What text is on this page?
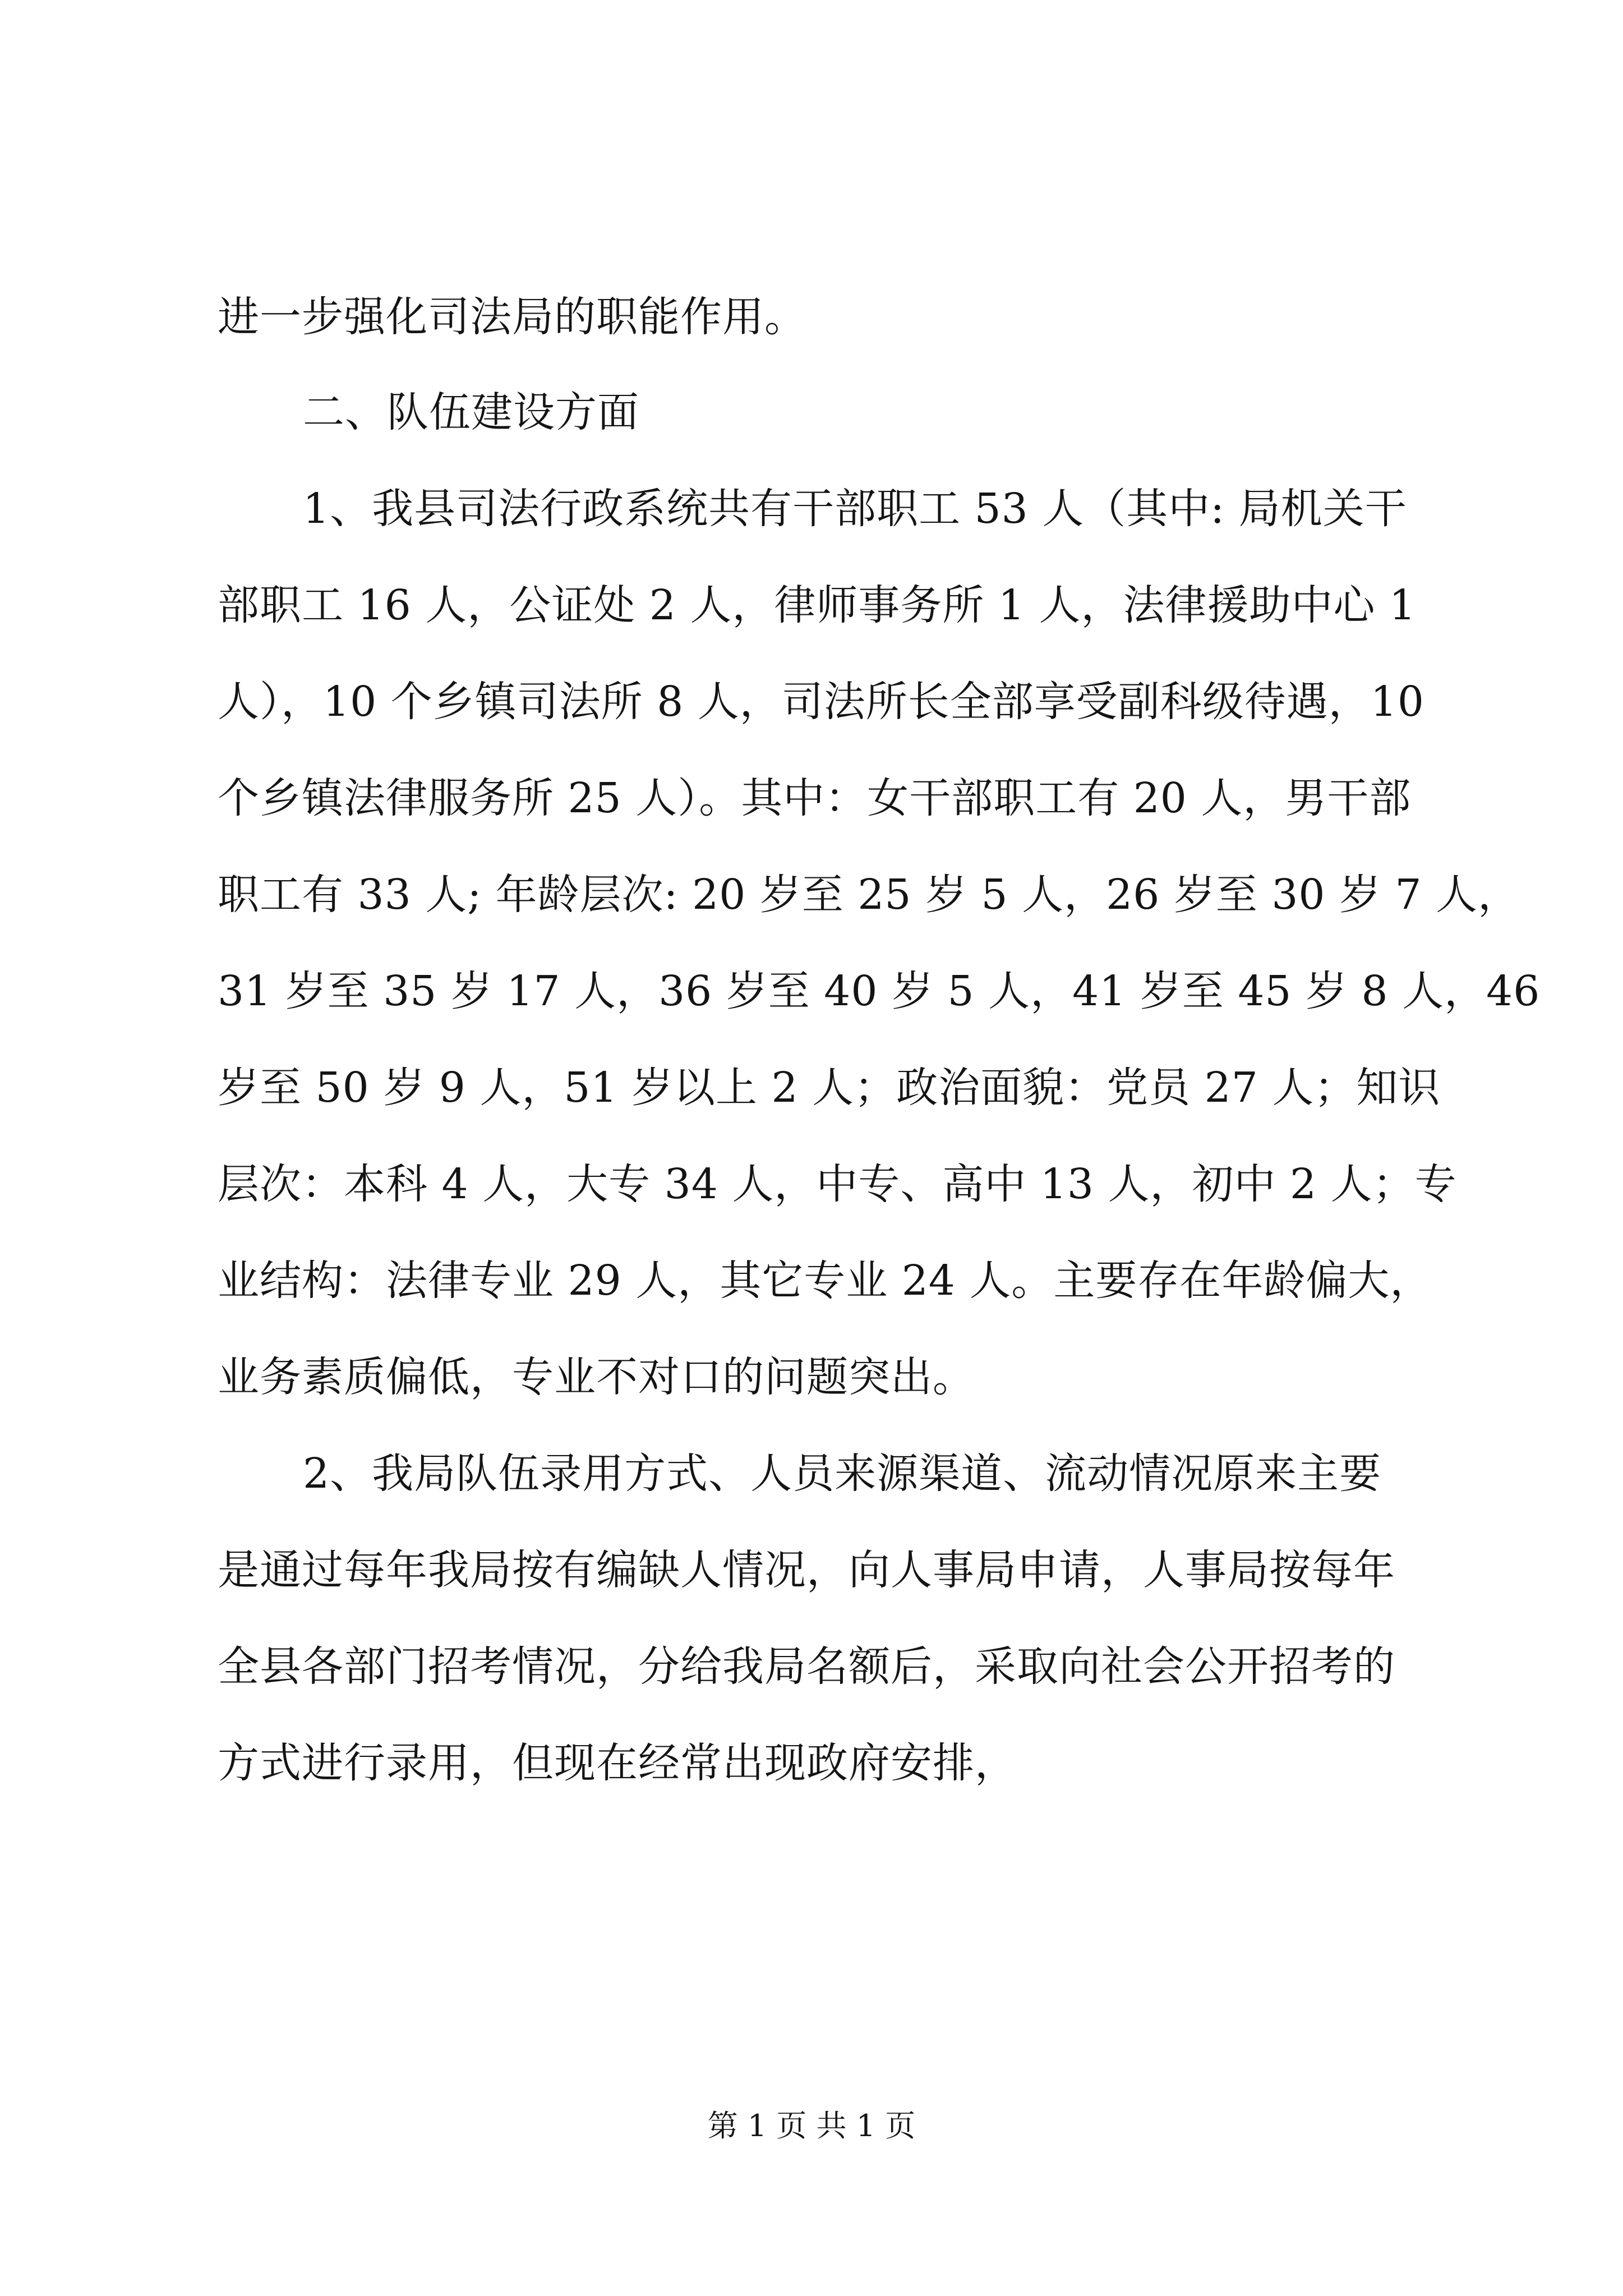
进一步强化司法局的职能作用。
二、队伍建设方面
1、我县司法行政系统共有干部职工 53 人（其中: 局机关干
部职工 16 人，公证处 2 人，律师事务所 1 人，法律援助中心 1
人），10 个乡镇司法所 8 人，司法所长全部享受副科级待遇，10
个乡镇法律服务所 25 人）。其中：女干部职工有 20 人，男干部
职工有 33 人; 年龄层次: 20 岁至 25 岁 5 人，26 岁至 30 岁 7 人，
31 岁至 35 岁 17 人，36 岁至 40 岁 5 人，41 岁至 45 岁 8 人，46
岁至 50 岁 9 人，51 岁以上 2 人；政治面貌：党员 27 人；知识
层次：本科 4 人，大专 34 人，中专、高中 13 人，初中 2 人；专
业结构：法律专业 29 人，其它专业 24 人。主要存在年龄偏大，
业务素质偏低，专业不对口的问题突出。
2、我局队伍录用方式、人员来源渠道、流动情况原来主要
是通过每年我局按有编缺人情况，向人事局申请，人事局按每年
全县各部门招考情况，分给我局名额后，采取向社会公开招考的
方式进行录用，但现在经常出现政府安排，
第 1 页 共 1 页
